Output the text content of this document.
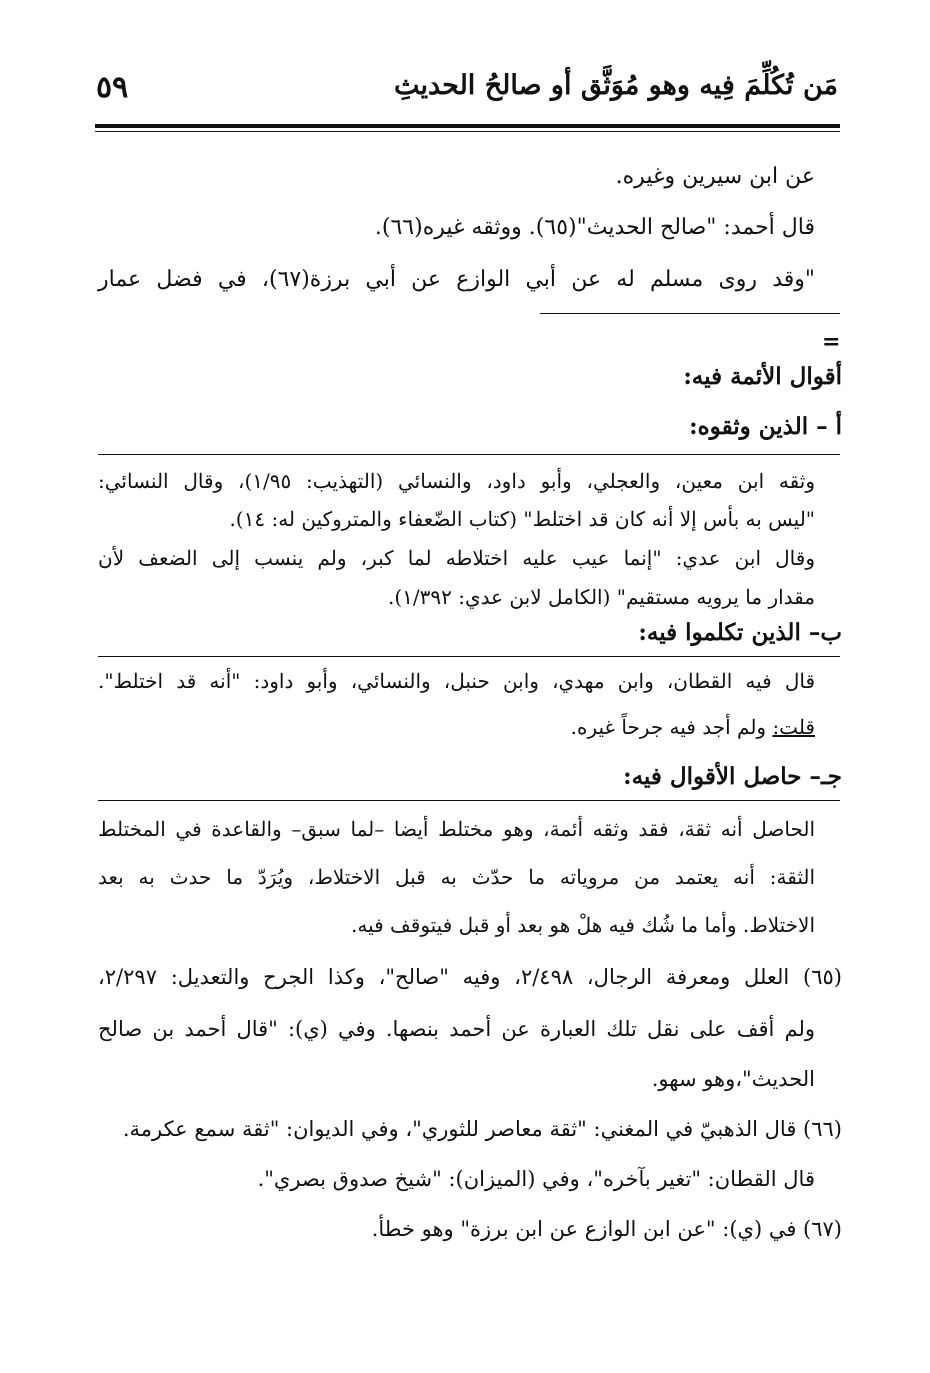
مَن تُكُلِّمَ فِيه وهو مُوَثَّق أو صالحُ الحديثِ
٥٩
عن ابن سيرين وغيره.
قال أحمد: "صالح الحديث"(٦٥). ووثقه غيره(٦٦).
"وقد روى مسلم له عن أبي الوازع عن أبي برزة(٦٧)، في فضل عمار
=
أقوال الأئمة فيه:
أ – الذين وثقوه:
وثقه ابن معين، والعجلي، وأبو داود، والنسائي (التهذيب: ١/٩٥)، وقال النسائي:
"ليس به بأس إلا أنه كان قد اختلط" (كتاب الضّعفاء والمتروكين له: ١٤).
وقال ابن عدي: "إنما عيب عليه اختلاطه لما كبر، ولم ينسب إلى الضعف لأن
مقدار ما يرويه مستقيم" (الكامل لابن عدي: ١/٣٩٢).
ب– الذين تكلموا فيه:
قال فيه القطان، وابن مهدي، وابن حنبل، والنسائي، وأبو داود: "أنه قد اختلط".
قلت: ولم أجد فيه جرحاً غيره.
جـ– حاصل الأقوال فيه:
الحاصل أنه ثقة، فقد وثقه أئمة، وهو مختلط أيضا –لما سبق– والقاعدة في المختلط
الثقة: أنه يعتمد من مروياته ما حدّث به قبل الاختلاط، ويُرَدّ ما حدث به بعد
الاختلاط. وأما ما شُك فيه هلْ هو بعد أو قبل فيتوقف فيه.
(٦٥) العلل ومعرفة الرجال، ٢/٤٩٨، وفيه "صالح"، وكذا الجرح والتعديل: ٢/٢٩٧،
ولم أقف على نقل تلك العبارة عن أحمد بنصها. وفي (ي): "قال أحمد بن صالح
الحديث"،وهو سهو.
(٦٦) قال الذهبيّ في المغني: "ثقة معاصر للثوري"، وفي الديوان: "ثقة سمع عكرمة.
قال القطان: "تغير بآخره"، وفي (الميزان): "شيخ صدوق بصري".
(٦٧) في (ي): "عن ابن الوازع عن ابن برزة" وهو خطأ.
